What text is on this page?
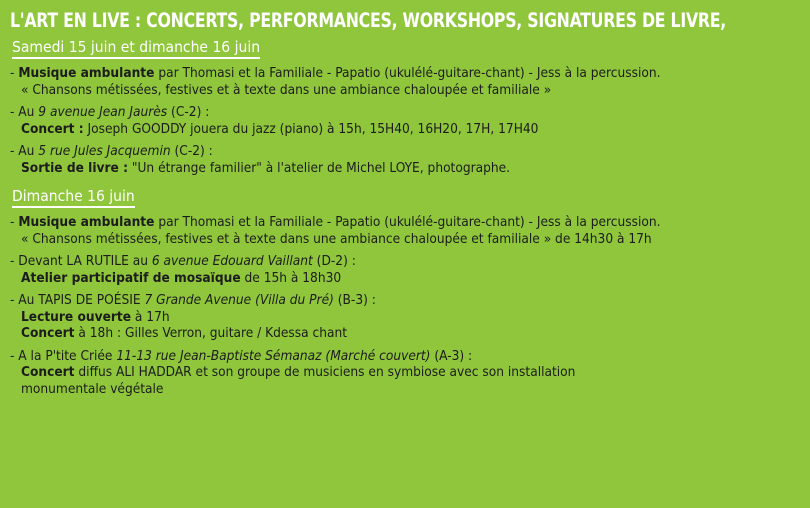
L'ART EN LIVE : CONCERTS, PERFORMANCES, WORKSHOPS, SIGNATURES DE LIVRE,
Samedi 15 juin et dimanche 16 juin
- Musique ambulante par Thomasi et la Familiale - Papatio (ukulélé-guitare-chant) - Jess à la percussion.
« Chansons métissées, festives et à texte dans une ambiance chaloupée et familiale »
- Au 9 avenue Jean Jaurès (C-2) :
Concert : Joseph GOODDY jouera du jazz (piano) à 15h, 15H40, 16H20, 17H, 17H40
- Au 5 rue Jules Jacquemin (C-2) :
Sortie de livre : "Un étrange familier" à l'atelier de Michel LOYE, photographe.
Dimanche 16 juin
- Musique ambulante par Thomasi et la Familiale - Papatio (ukulélé-guitare-chant) - Jess à la percussion.
« Chansons métissées, festives et à texte dans une ambiance chaloupée et familiale » de 14h30 à 17h
- Devant LA RUTILE au 6 avenue Edouard Vaillant (D-2) :
Atelier participatif de mosaïque de 15h à 18h30
- Au TAPIS DE POÉSIE 7 Grande Avenue (Villa du Pré) (B-3) :
Lecture ouverte à 17h
Concert à 18h : Gilles Verron, guitare / Kdessa chant
- A la P'tite Criée 11-13 rue Jean-Baptiste Sémanaz (Marché couvert) (A-3) :
Concert diffus ALI HADDAR et son groupe de musiciens en symbiose avec son installation
monumentale végétale
